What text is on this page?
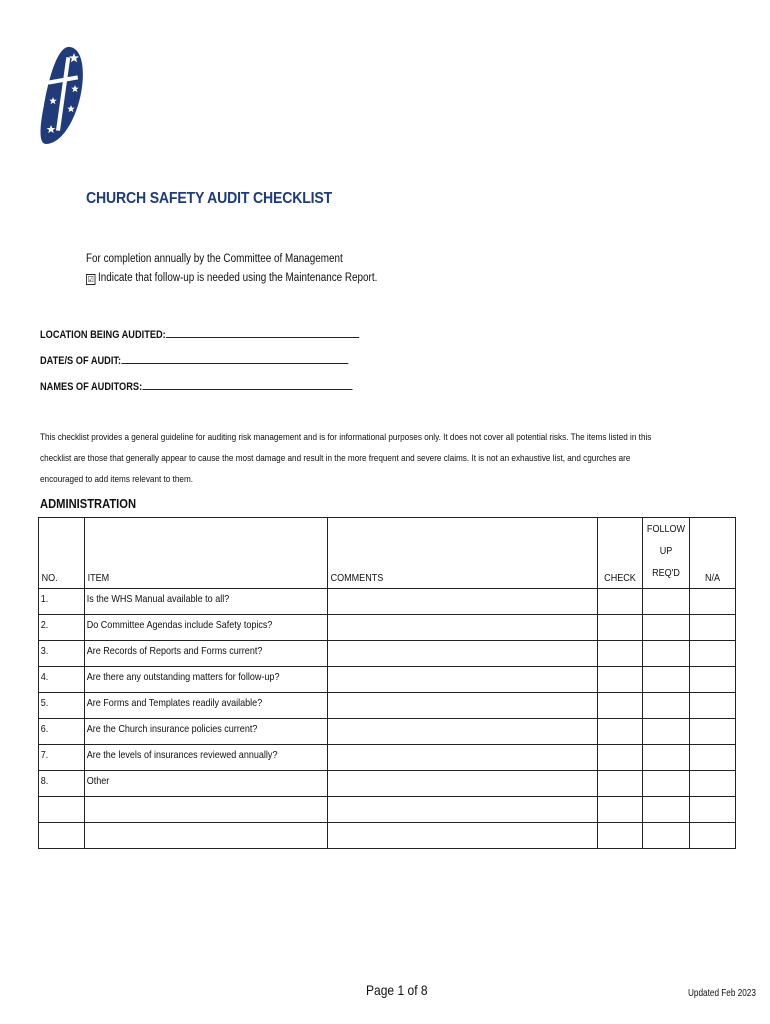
CHURCH SAFETY AUDIT CHECKLIST
For completion annually by the Committee of Management
☑ Indicate that follow-up is needed using the Maintenance Report.
LOCATION BEING AUDITED:
DATE/S OF AUDIT:
NAMES OF AUDITORS:
This checklist provides a general guideline for auditing risk management and is for informational purposes only. It does not cover all potential risks. The items listed in this checklist are those that generally appear to cause the most damage and result in the more frequent and severe claims. It is not an exhaustive list, and cgurches are encouraged to add items relevant to them.
ADMINISTRATION
NO.	ITEM	COMMENTS	CHECK	FOLLOW UP REQ'D	N/A

1.	Is the WHS Manual available to all?				

2.	Do Committee Agendas include Safety topics?				

3.	Are Records of Reports and Forms current?				

4.	Are there any outstanding matters for follow-up?				

5.	Are Forms and Templates readily available?				

6.	Are the Church insurance policies current?				

7.	Are the levels of insurances reviewed annually?				

8.	Other				

Page 1 of 8	Updated Feb 2023
